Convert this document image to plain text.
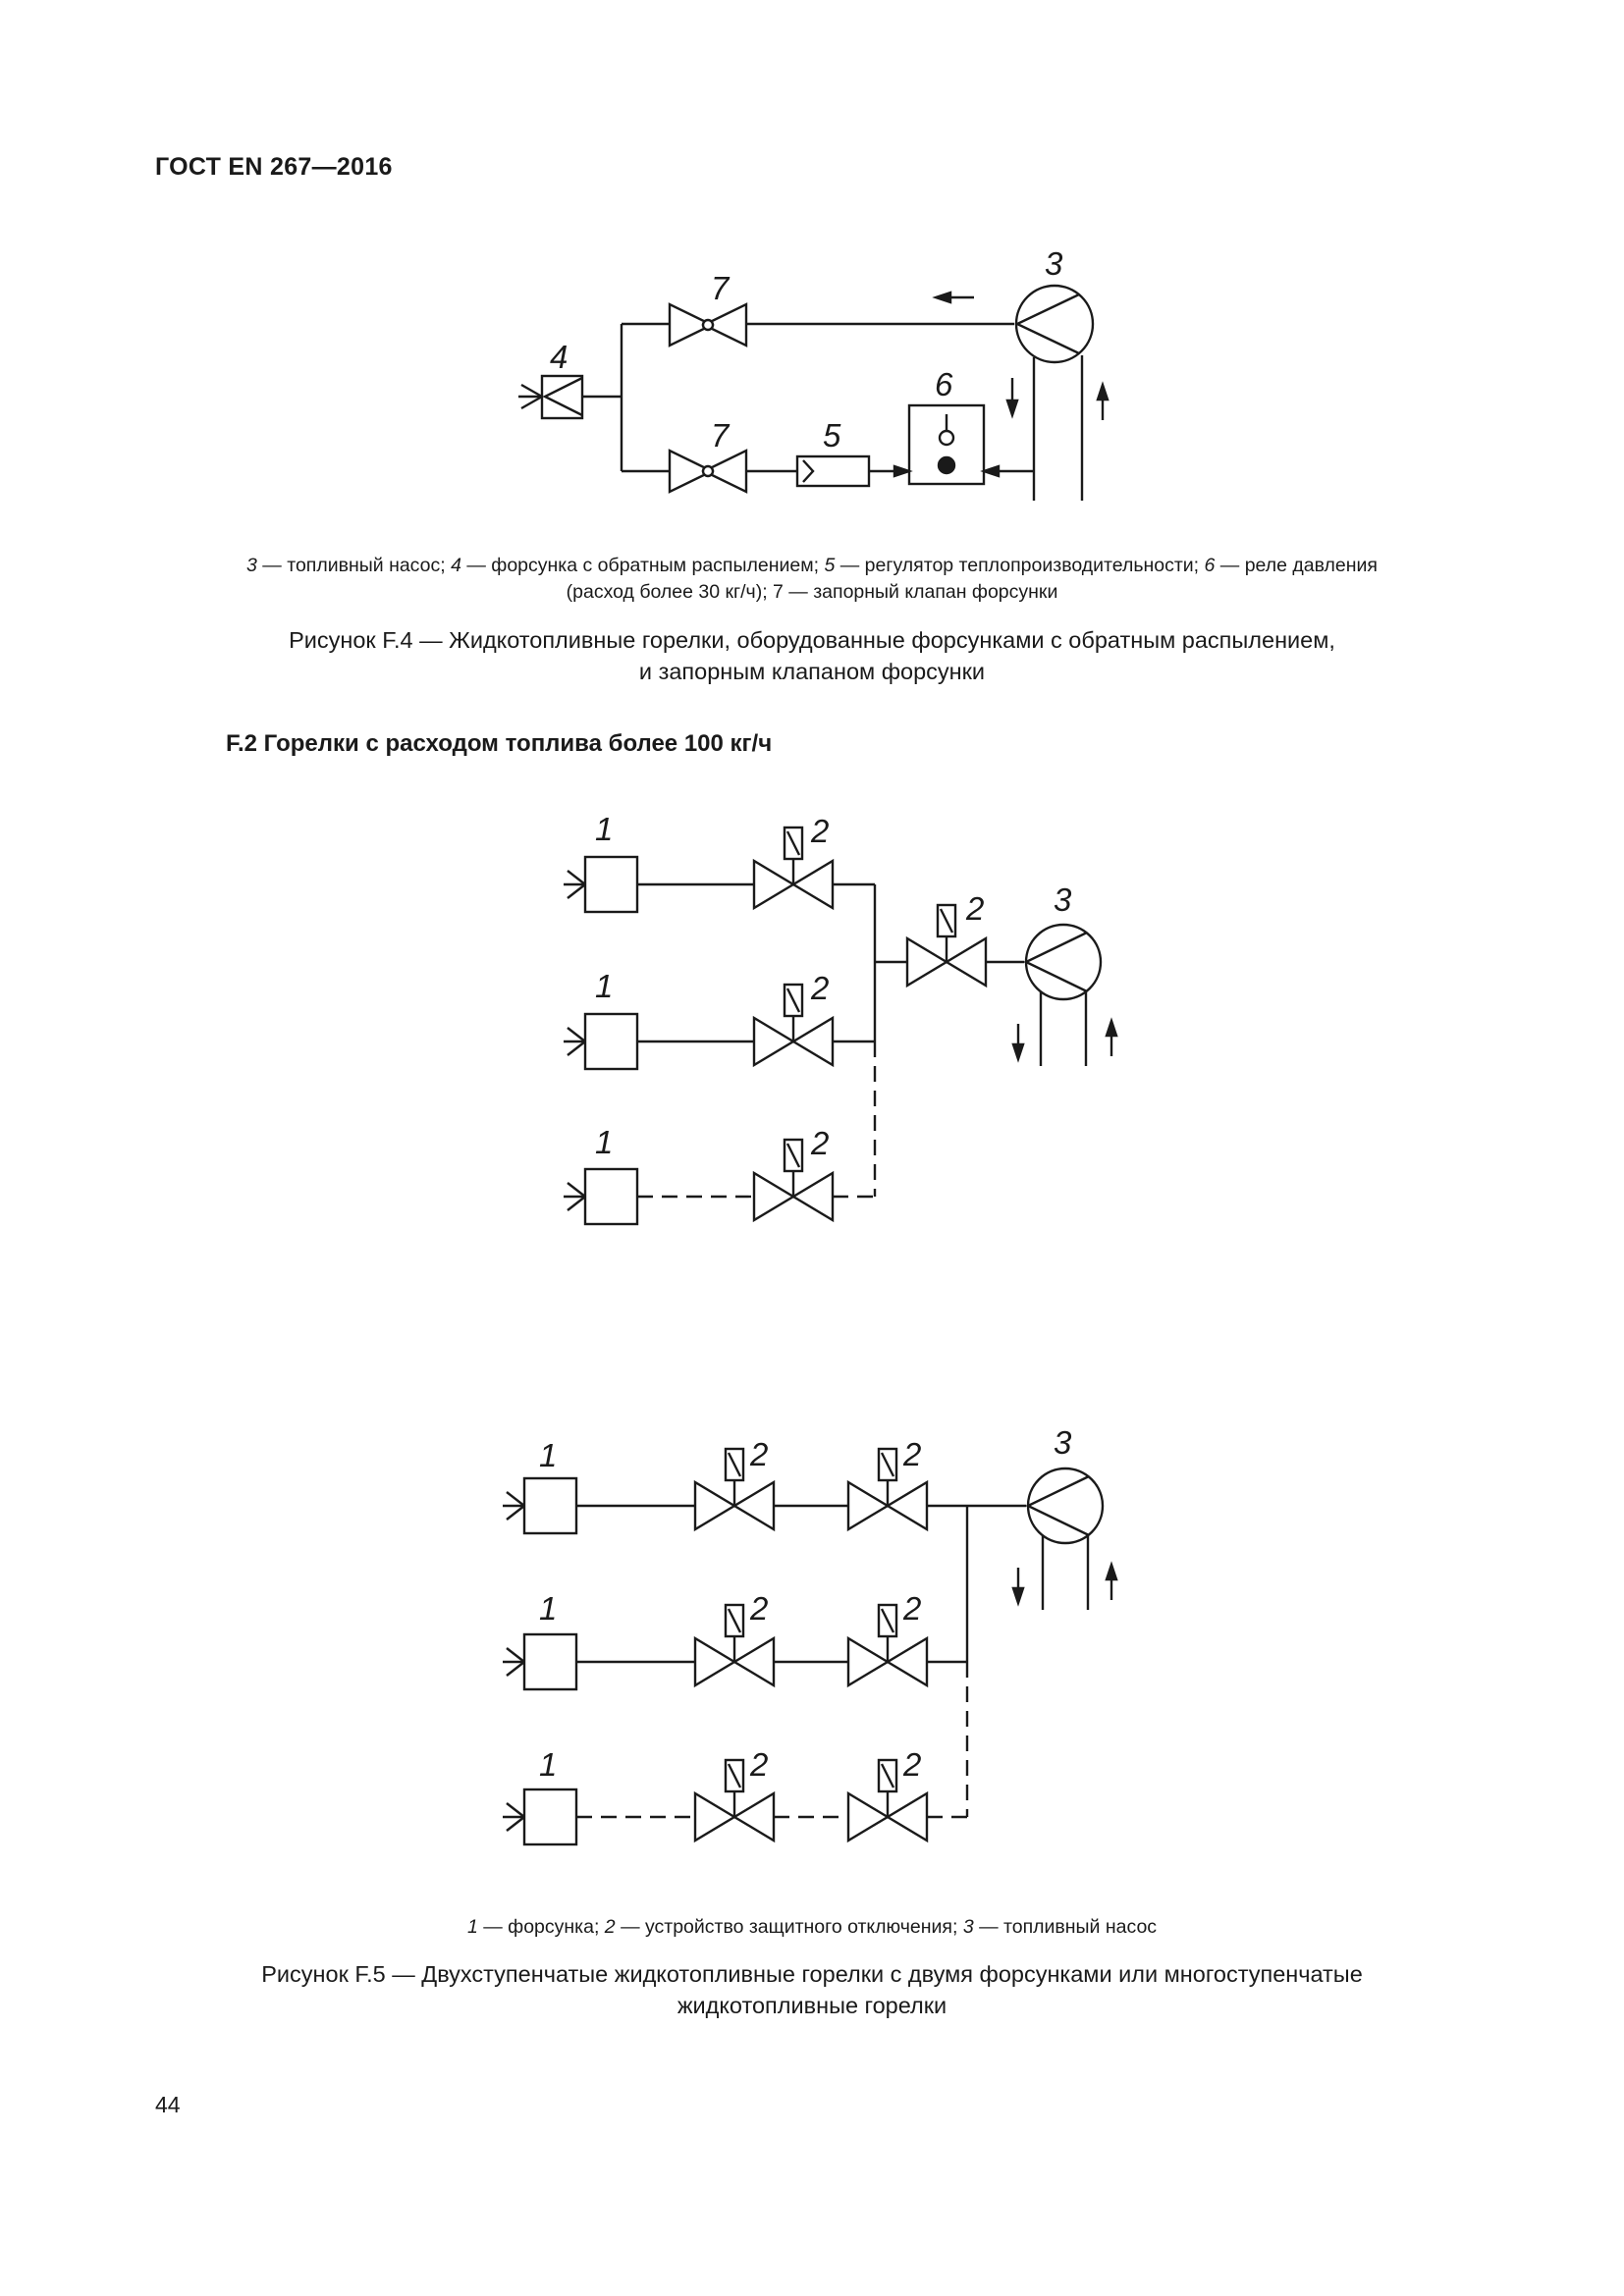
ГОСТ EN 267—2016
4
7
3
7	5
6
3 — топливный насос; 4 — форсунка с обратным распылением; 5 — регулятор теплопроизводительности; 6 — реле давления
(расход более 30 кг/ч); 7 — запорный клапан форсунки
Рисунок F.4 — Жидкотопливные горелки, оборудованные форсунками с обратным распылением,
и запорным клапаном форсунки
F.2 Горелки с расходом топлива более 100 кг/ч
1	2
1	2
1	2
2 3
1	2	2
1	2	2
1	2	2
3
1 — форсунка; 2 — устройство защитного отключения; 3 — топливный насос
Рисунок F.5 — Двухступенчатые жидкотопливные горелки с двумя форсунками или многоступенчатые
жидкотопливные горелки
44
